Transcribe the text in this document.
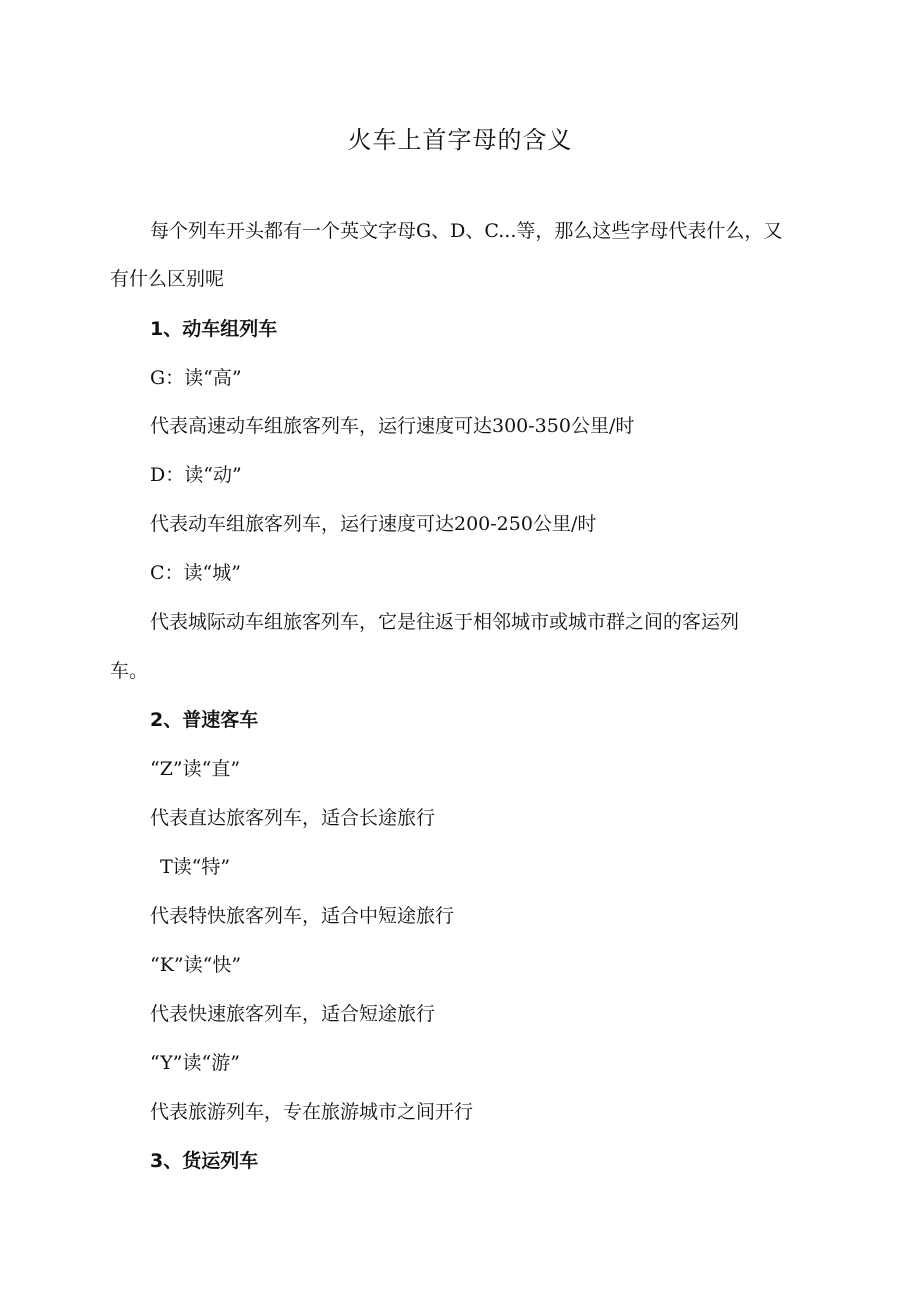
火车上首字母的含义
每个列车开头都有一个英文字母G、D、C...等，那么这些字母代表什么，又
有什么区别呢
1、动车组列车
G：读“高”
代表高速动车组旅客列车，运行速度可达300-350公里/时
D：读“动”
代表动车组旅客列车，运行速度可达200-250公里/时
C：读“城”
代表城际动车组旅客列车，它是往返于相邻城市或城市群之间的客运列
车。
2、普速客车
“Z”读“直”
代表直达旅客列车，适合长途旅行
T读“特”
代表特快旅客列车，适合中短途旅行
“K”读“快”
代表快速旅客列车，适合短途旅行
“Y”读“游”
代表旅游列车，专在旅游城市之间开行
3、货运列车
